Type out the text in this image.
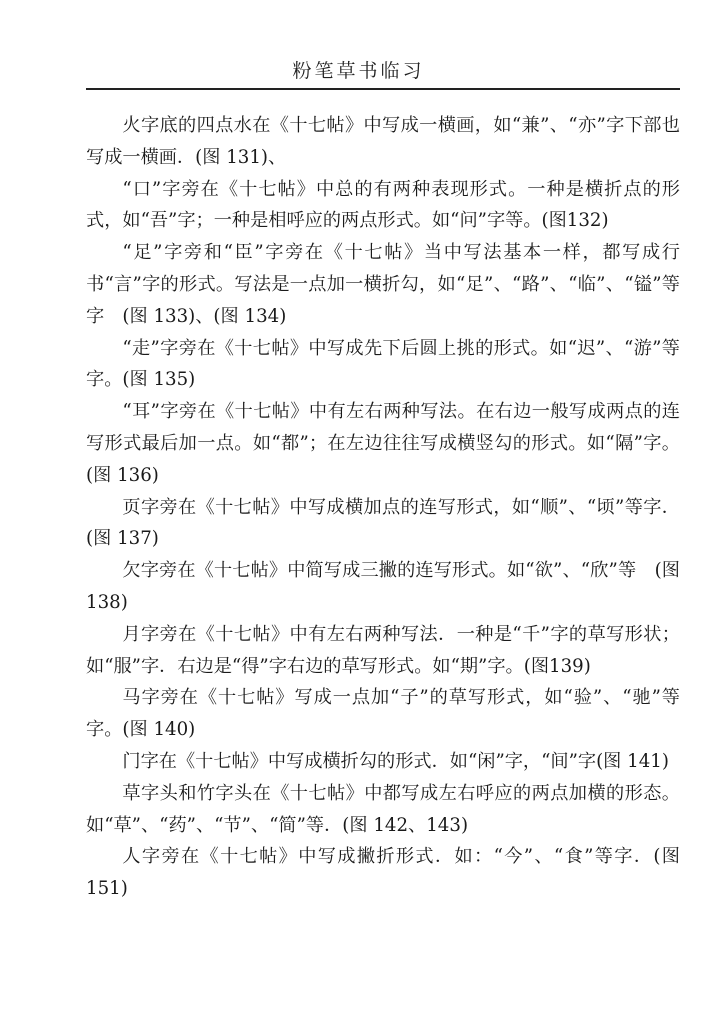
粉笔草书临习

火字底的四点水在《十七帖》中写成一横画，如“兼”、“亦”字下部也写成一横画．(图 131)、

“口”字旁在《十七帖》中总的有两种表现形式。一种是横折点的形式，如“吾”字；一种是相呼应的两点形式。如“问”字等。(图132)

“足”字旁和“臣”字旁在《十七帖》当中写法基本一样，都写成行书“言”字的形式。写法是一点加一横折勾，如“足”、“路”、“临”、“镒”等字　(图 133)、(图 134)

“走”字旁在《十七帖》中写成先下后圆上挑的形式。如“迟”、“游”等字。(图 135)

“耳”字旁在《十七帖》中有左右两种写法。在右边一般写成两点的连写形式最后加一点。如“都”；在左边往往写成横竖勾的形式。如“隔”字。(图 136)

页字旁在《十七帖》中写成横加点的连写形式，如“顺”、“顷”等字．(图 137)

欠字旁在《十七帖》中简写成三撇的连写形式。如“欲”、“欣”等　(图 138)

月字旁在《十七帖》中有左右两种写法．一种是“千”字的草写形状；如“服”字．右边是“得”字右边的草写形式。如“期”字。(图139)

马字旁在《十七帖》写成一点加“子”的草写形式，如“验”、“驰”等字。(图 140)

门字在《十七帖》中写成横折勾的形式．如“闲”字，“间”字(图 141)

草字头和竹字头在《十七帖》中都写成左右呼应的两点加横的形态。如“草”、“药”、“节”、“简”等．(图 142、143)

人字旁在《十七帖》中写成撇折形式．如：“今”、“食”等字．(图151)
